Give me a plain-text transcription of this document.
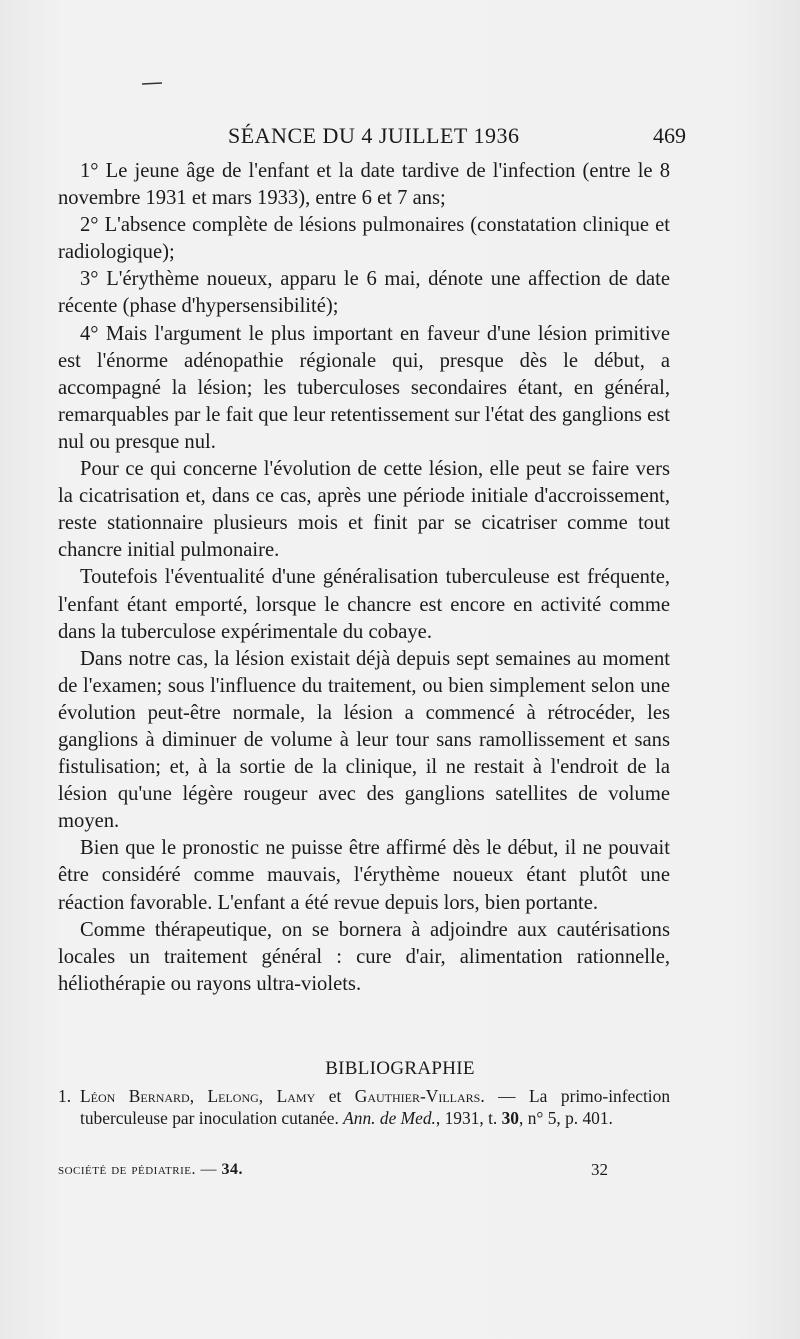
SÉANCE DU 4 JUILLET 1936	469

1° Le jeune âge de l'enfant et la date tardive de l'infection (entre le 8 novembre 1931 et mars 1933), entre 6 et 7 ans;

2° L'absence complète de lésions pulmonaires (constatation clinique et radiologique);

3° L'érythème noueux, apparu le 6 mai, dénote une affection de date récente (phase d'hypersensibilité);

4° Mais l'argument le plus important en faveur d'une lésion primitive est l'énorme adénopathie régionale qui, presque dès le début, a accompagné la lésion; les tuberculoses secondaires étant, en général, remarquables par le fait que leur retentissement sur l'état des ganglions est nul ou presque nul.

Pour ce qui concerne l'évolution de cette lésion, elle peut se faire vers la cicatrisation et, dans ce cas, après une période initiale d'accroissement, reste stationnaire plusieurs mois et finit par se cicatriser comme tout chancre initial pulmonaire.

Toutefois l'éventualité d'une généralisation tuberculeuse est fréquente, l'enfant étant emporté, lorsque le chancre est encore en activité comme dans la tuberculose expérimentale du cobaye.

Dans notre cas, la lésion existait déjà depuis sept semaines au moment de l'examen; sous l'influence du traitement, ou bien simplement selon une évolution peut-être normale, la lésion a commencé à rétrocéder, les ganglions à diminuer de volume à leur tour sans ramollissement et sans fistulisation; et, à la sortie de la clinique, il ne restait à l'endroit de la lésion qu'une légère rougeur avec des ganglions satellites de volume moyen.

Bien que le pronostic ne puisse être affirmé dès le début, il ne pouvait être considéré comme mauvais, l'érythème noueux étant plutôt une réaction favorable. L'enfant a été revue depuis lors, bien portante.

Comme thérapeutique, on se bornera à adjoindre aux cautérisations locales un traitement général : cure d'air, alimentation rationnelle, héliothérapie ou rayons ultra-violets.

BIBLIOGRAPHIE
1. Léon Bernard, Lelong, Lamy et Gauthier-Villars. — La primo-infection tuberculeuse par inoculation cutanée. Ann. de Med., 1931, t. 30, n° 5, p. 401.
société de pédiatrie. — 34.	32
